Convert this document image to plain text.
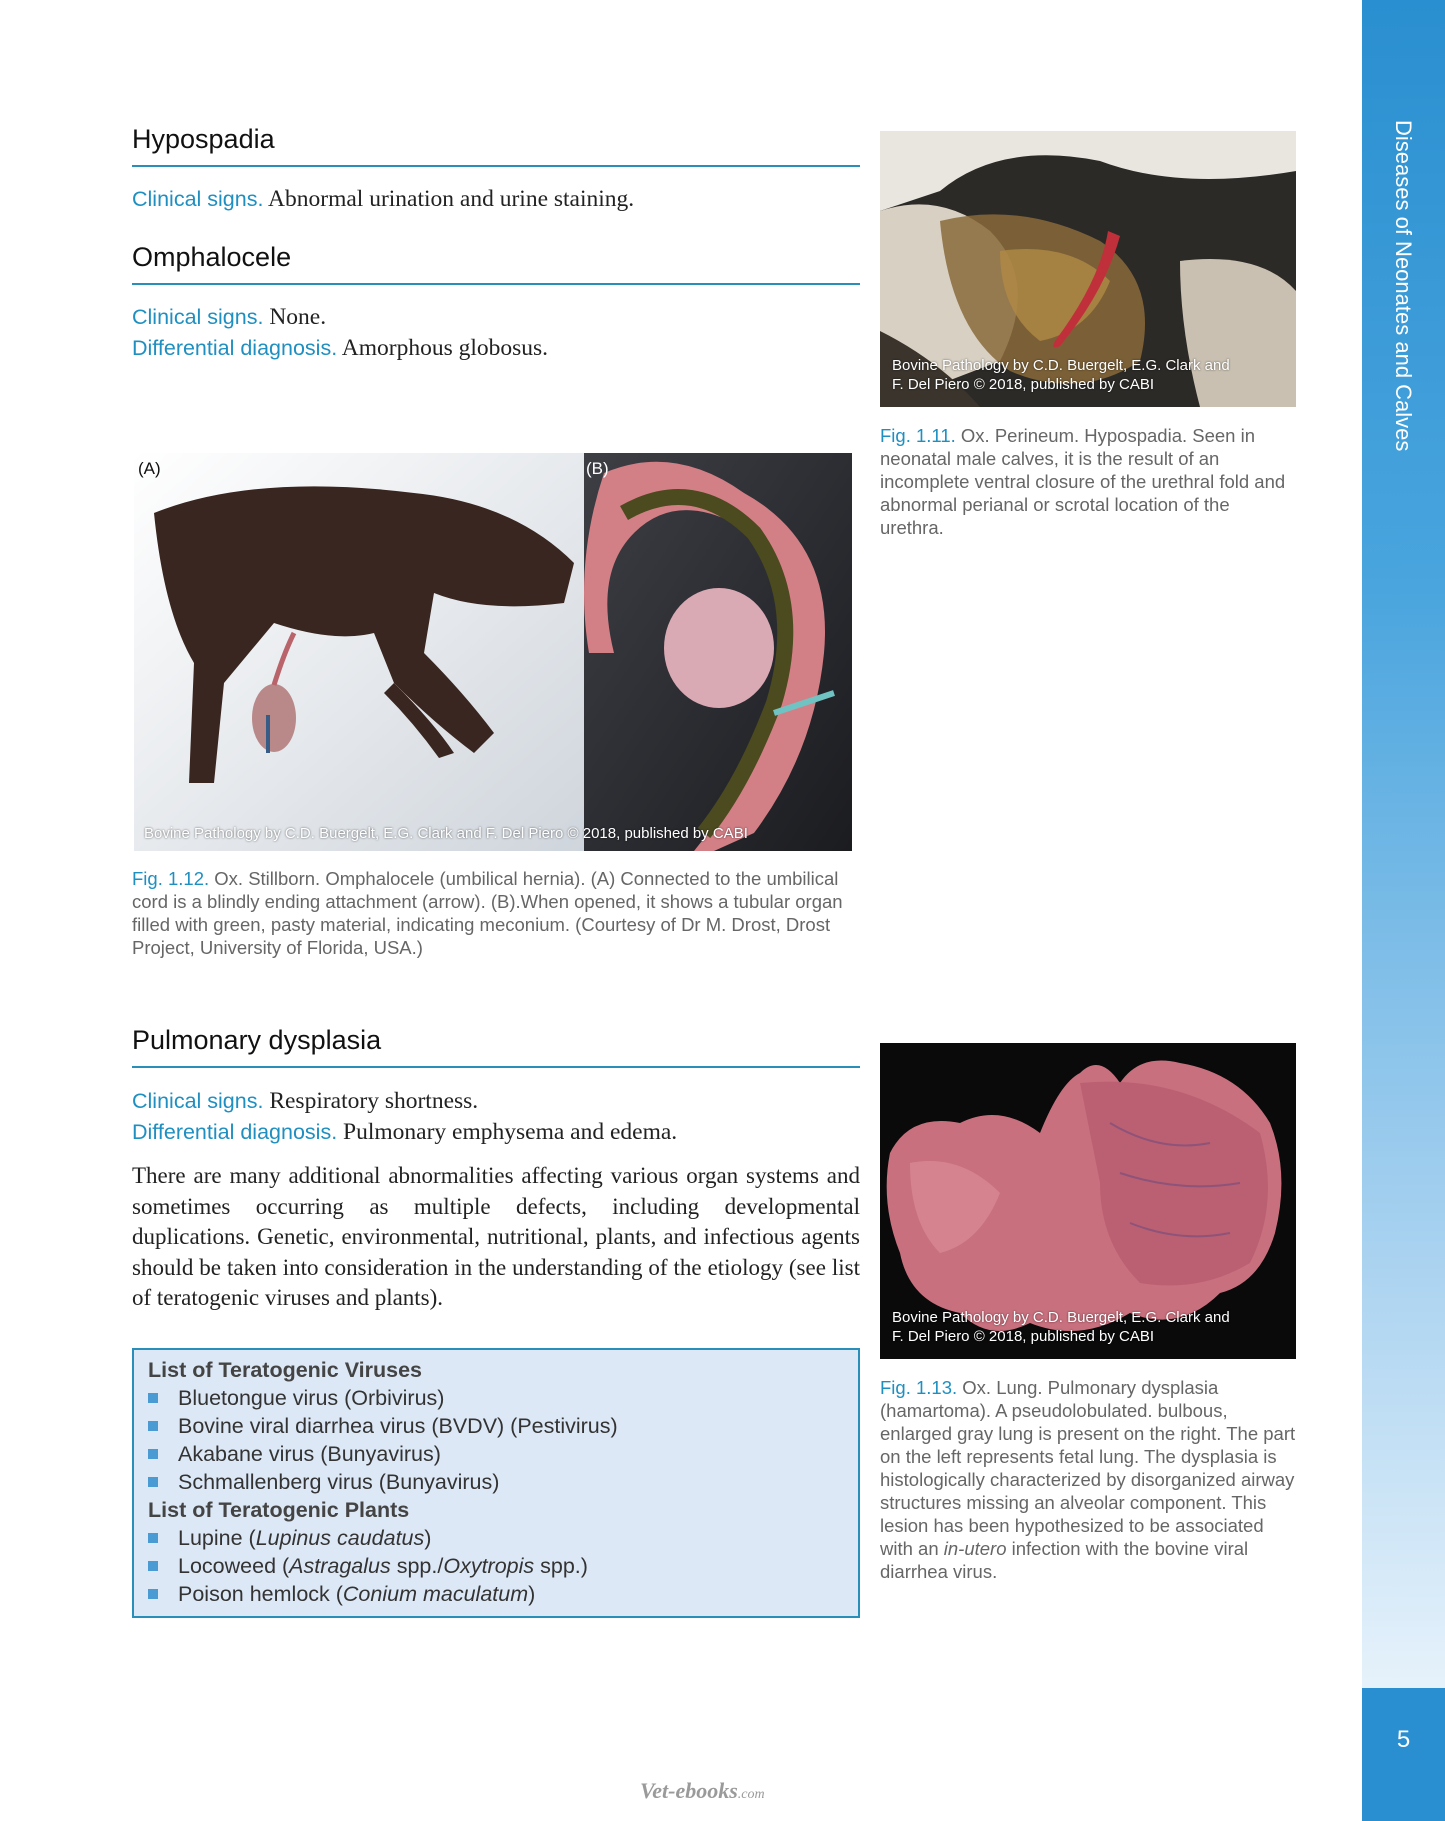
Diseases of Neonates and Calves
5
Hypospadia
Clinical signs. Abnormal urination and urine staining.
Omphalocele
Clinical signs. None.
Differential diagnosis. Amorphous globosus.
Bovine Pathology by C.D. Buergelt, E.G. Clark and
F. Del Piero © 2018, published by CABI
Fig. 1.11. Ox. Perineum. Hypospadia. Seen in neonatal male calves, it is the result of an incomplete ventral closure of the urethral fold and abnormal perianal or scrotal location of the urethra.
(A)	(B)
Bovine Pathology by C.D. Buergelt, E.G. Clark and F. Del Piero © 2018, published by CABI
Fig. 1.12. Ox. Stillborn. Omphalocele (umbilical hernia). (A) Connected to the umbilical cord is a blindly ending attachment (arrow). (B).When opened, it shows a tubular organ filled with green, pasty material, indicating meconium. (Courtesy of Dr M. Drost, Drost Project, University of Florida, USA.)
Pulmonary dysplasia
Clinical signs. Respiratory shortness.
Differential diagnosis. Pulmonary emphysema and edema.
There are many additional abnormalities affecting various organ systems and sometimes occurring as multiple defects, including developmental duplications. Genetic, environmental, nutritional, plants, and infectious agents should be taken into consideration in the understanding of the etiology (see list of teratogenic viruses and plants).
List of Teratogenic Viruses
Bluetongue virus (Orbivirus)
Bovine viral diarrhea virus (BVDV) (Pestivirus)
Akabane virus (Bunyavirus)
Schmallenberg virus (Bunyavirus)
List of Teratogenic Plants
Lupine (Lupinus caudatus)
Locoweed (Astragalus spp./Oxytropis spp.)
Poison hemlock (Conium maculatum)
Bovine Pathology by C.D. Buergelt, E.G. Clark and
F. Del Piero © 2018, published by CABI
Fig. 1.13. Ox. Lung. Pulmonary dysplasia (hamartoma). A pseudolobulated. bulbous, enlarged gray lung is present on the right. The part on the left represents fetal lung. The dysplasia is histologically characterized by disorganized airway structures missing an alveolar component. This lesion has been hypothesized to be associated with an in-utero infection with the bovine viral diarrhea virus.
Vet-ebooks.com
